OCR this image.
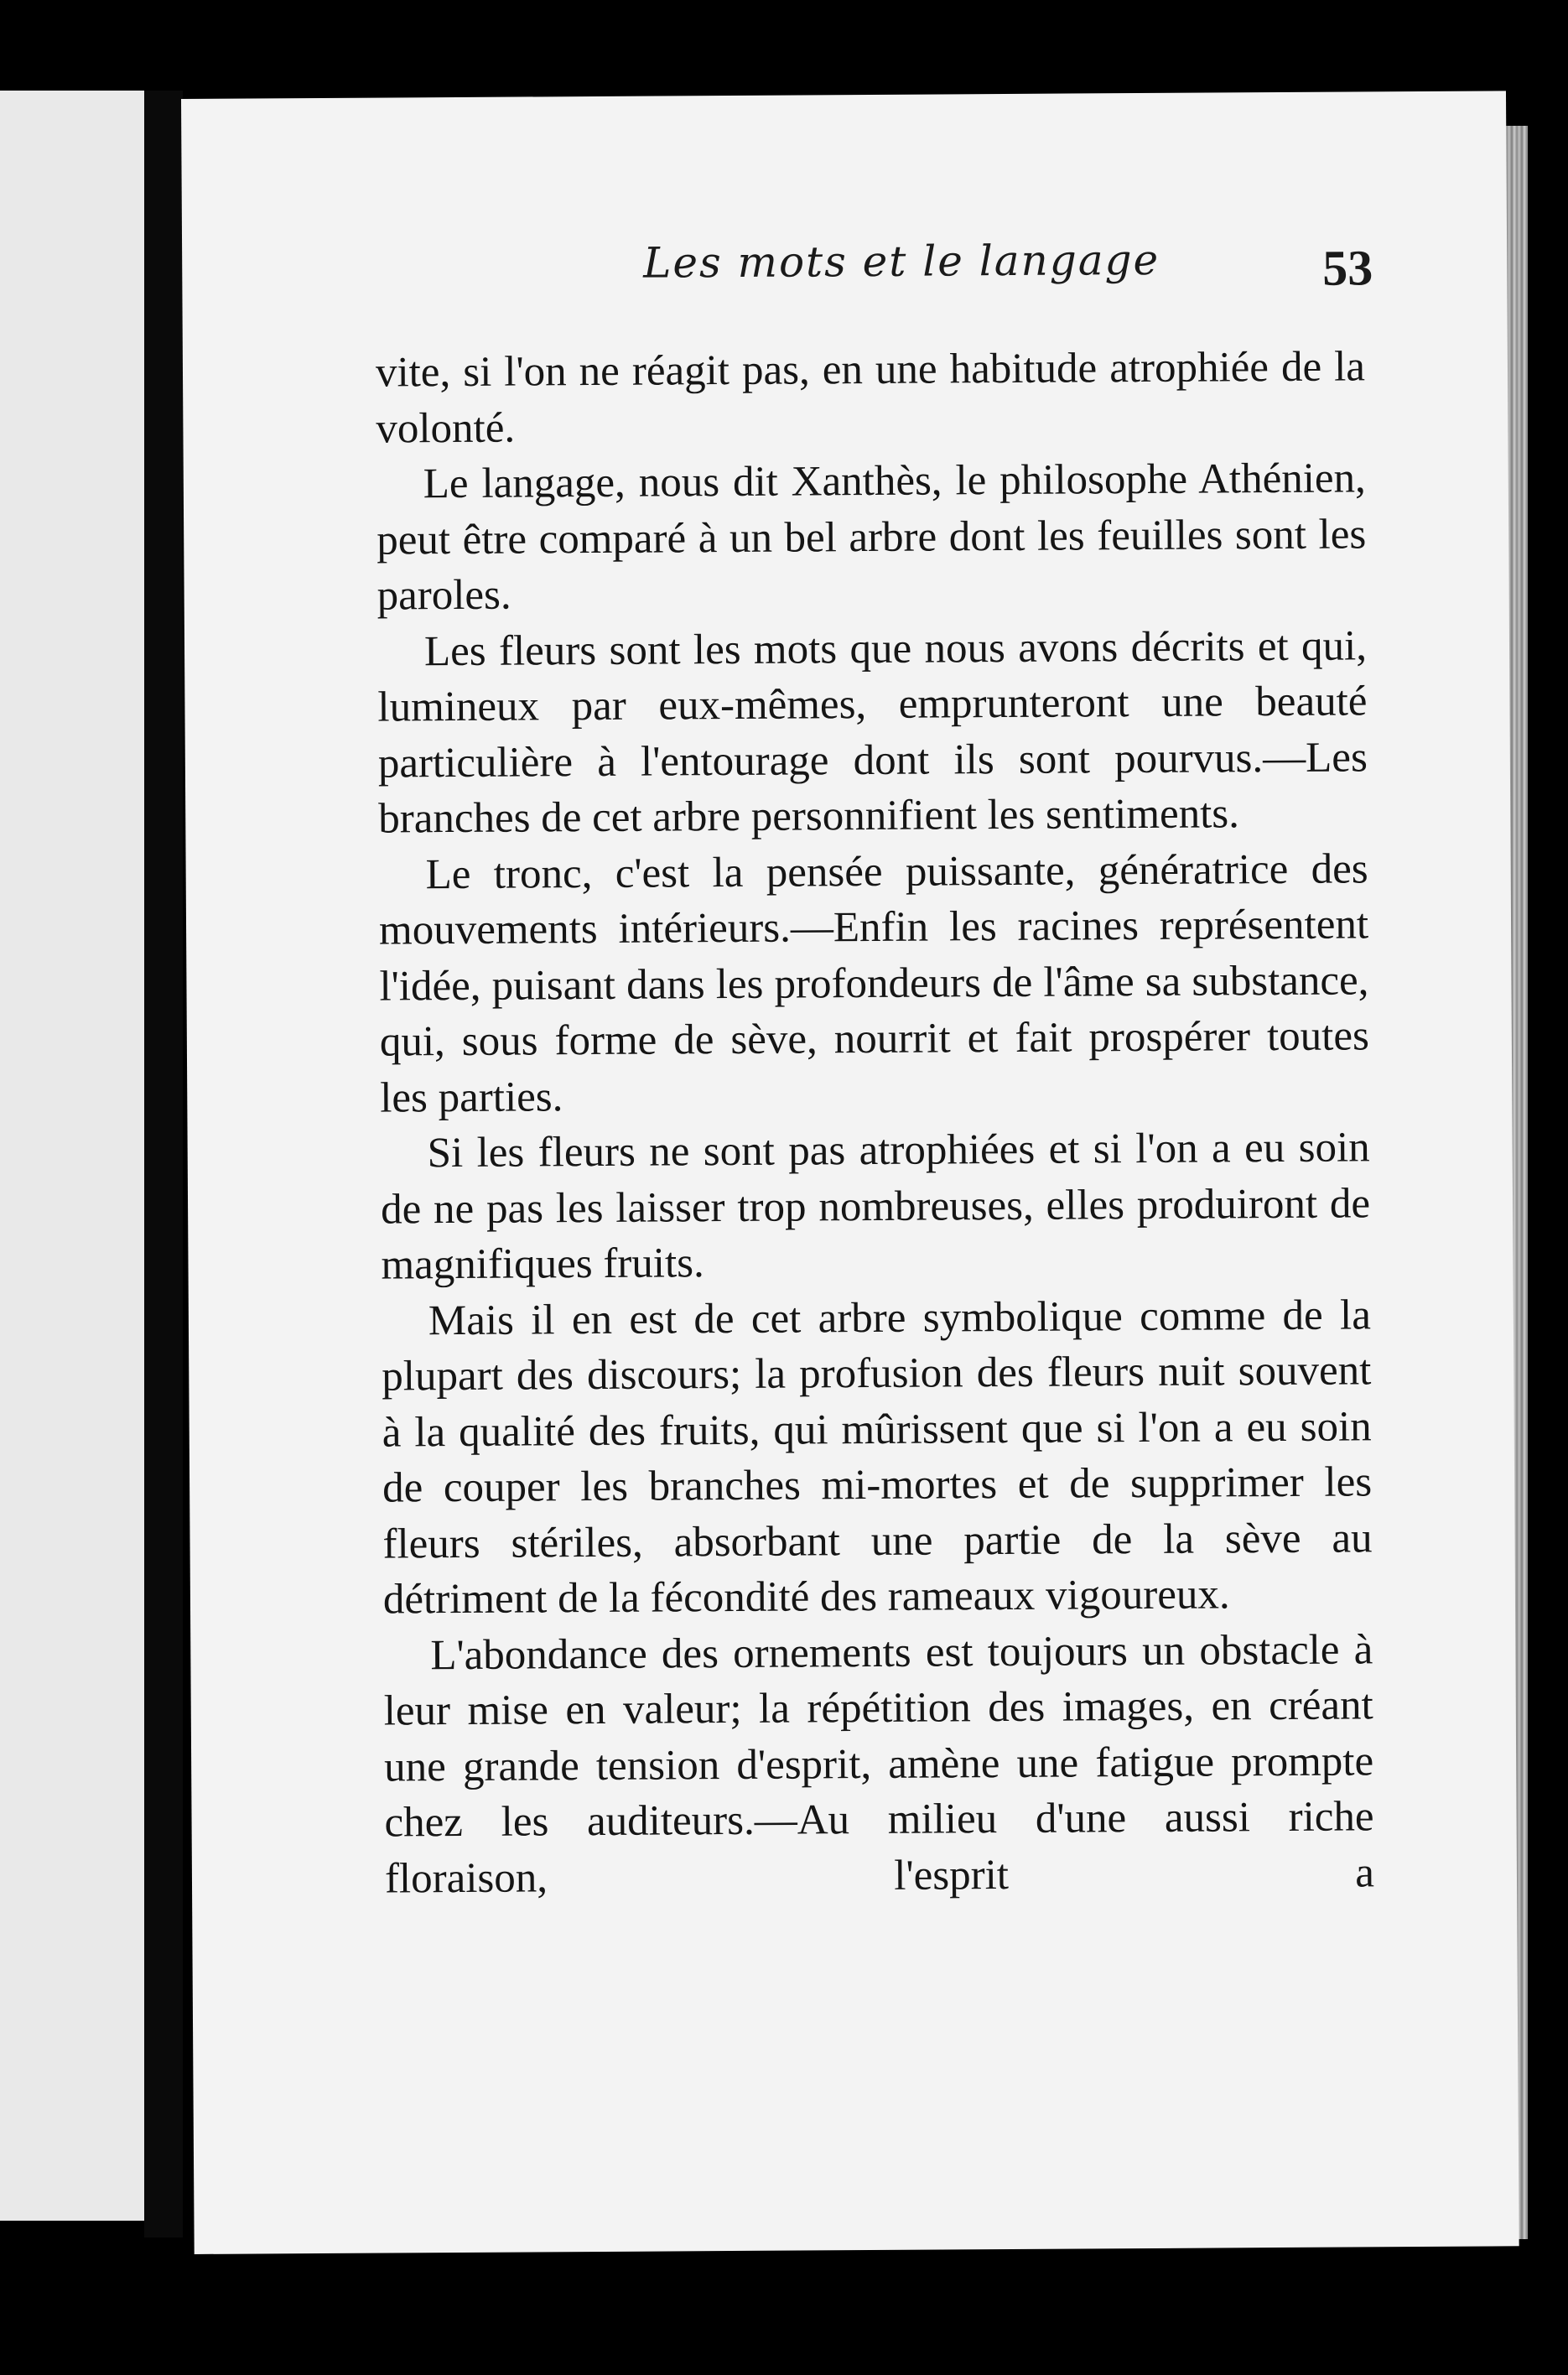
Les mots et le langage	53

vite, si l'on ne réagit pas, en une habitude atrophiée de la volonté.

Le langage, nous dit Xanthès, le philosophe Athénien, peut être comparé à un bel arbre dont les feuilles sont les paroles.

Les fleurs sont les mots que nous avons décrits et qui, lumineux par eux-mêmes, emprunteront une beauté particulière à l'entourage dont ils sont pourvus.—Les branches de cet arbre personnifient les sentiments.

Le tronc, c'est la pensée puissante, génératrice des mouvements intérieurs.—Enfin les racines représentent l'idée, puisant dans les profondeurs de l'âme sa substance, qui, sous forme de sève, nourrit et fait prospérer toutes les parties.

Si les fleurs ne sont pas atrophiées et si l'on a eu soin de ne pas les laisser trop nombreuses, elles produiront de magnifiques fruits.

Mais il en est de cet arbre symbolique comme de la plupart des discours; la profusion des fleurs nuit souvent à la qualité des fruits, qui mûrissent que si l'on a eu soin de couper les branches mi-mortes et de supprimer les fleurs stériles, absorbant une partie de la sève au détriment de la fécondité des rameaux vigoureux.

L'abondance des ornements est toujours un obstacle à leur mise en valeur; la répétition des images, en créant une grande tension d'esprit, amène une fatigue prompte chez les auditeurs.—Au milieu d'une aussi riche floraison, l'esprit a
